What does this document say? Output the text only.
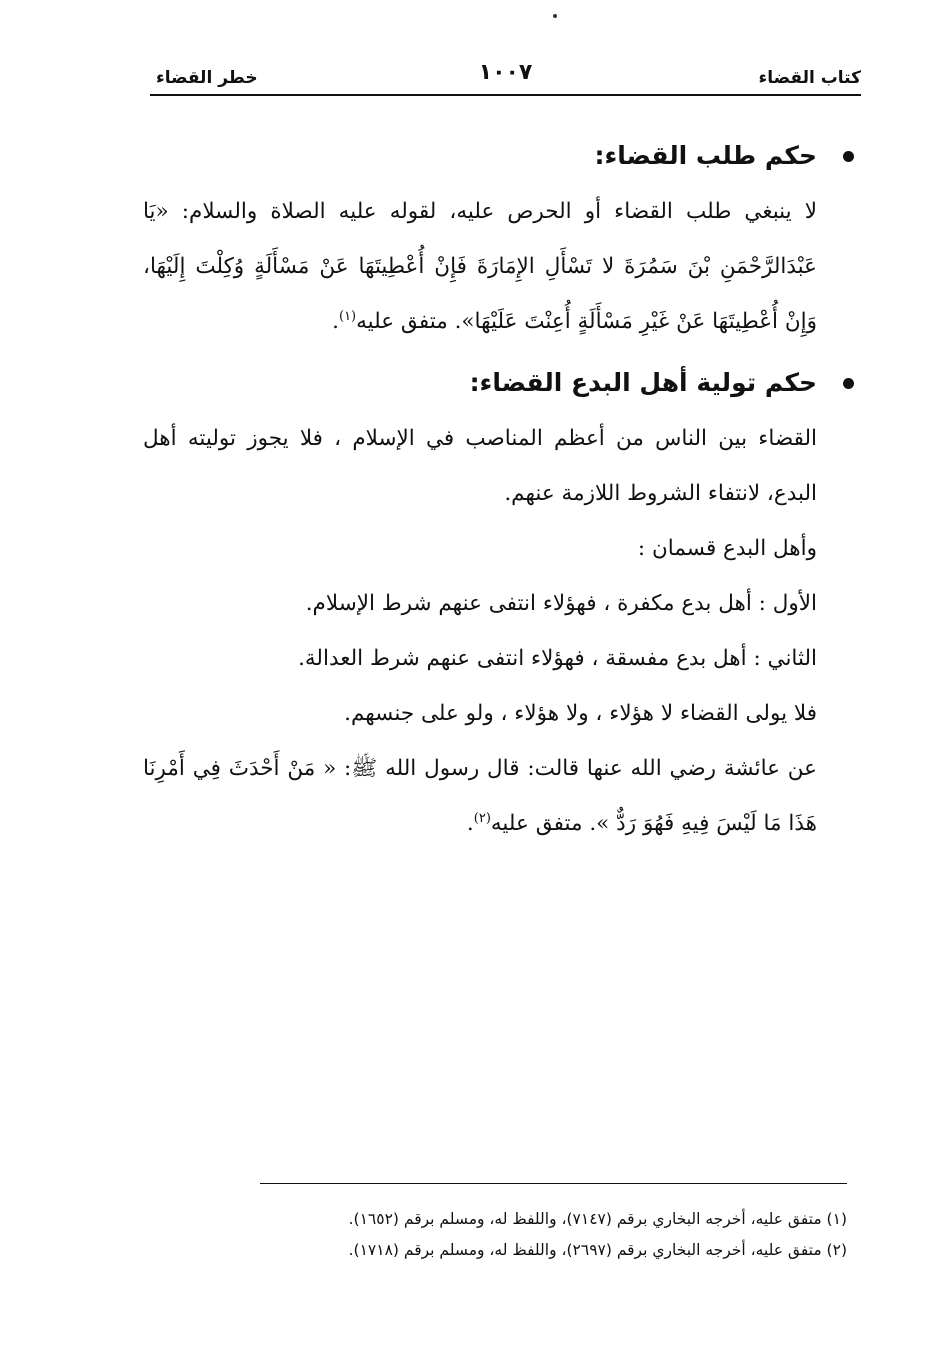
كتاب القضاء
١٠٠٧
خطر القضاء
حكم طلب القضاء:

لا ينبغي طلب القضاء أو الحرص عليه، لقوله عليه الصلاة والسلام: «يَا عَبْدَالرَّحْمَنِ بْنَ سَمُرَةَ لا تَسْأَلِ الإِمَارَةَ فَإِنْ أُعْطِيتَهَا عَنْ مَسْأَلَةٍ وُكِلْتَ إِلَيْهَا، وَإِنْ أُعْطِيتَهَا عَنْ غَيْرِ مَسْأَلَةٍ أُعِنْتَ عَلَيْهَا». متفق عليه$^{(١)}$.

حكم تولية أهل البدع القضاء:

القضاء بين الناس من أعظم المناصب في الإسلام ، فلا يجوز توليته أهل البدع، لانتفاء الشروط اللازمة عنهم.

وأهل البدع قسمان :

الأول : أهل بدع مكفرة ، فهؤلاء انتفى عنهم شرط الإسلام.

الثاني : أهل بدع مفسقة ، فهؤلاء انتفى عنهم شرط العدالة.

فلا يولى القضاء لا هؤلاء ، ولا هؤلاء ، ولو على جنسهم.

عن عائشة رضي الله عنها قالت: قال رسول الله ﷺ: « مَنْ أَحْدَثَ فِي أَمْرِنَا هَذَا مَا لَيْسَ فِيهِ فَهُوَ رَدٌّ ». متفق عليه$^{(٢)}$.

(١) متفق عليه، أخرجه البخاري برقم (٧١٤٧)، واللفظ له، ومسلم برقم (١٦٥٢).

(٢) متفق عليه، أخرجه البخاري برقم (٢٦٩٧)، واللفظ له، ومسلم برقم (١٧١٨).
